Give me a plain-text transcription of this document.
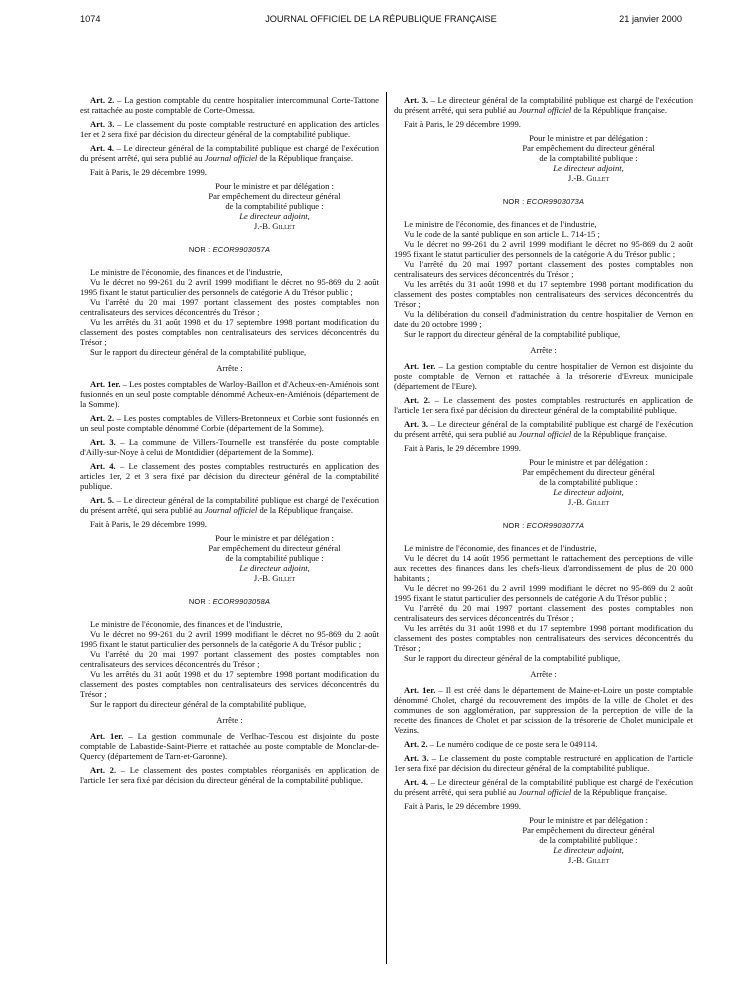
1074	JOURNAL OFFICIEL DE LA RÉPUBLIQUE FRANÇAISE	21 janvier 2000

Art. 2. – La gestion comptable du centre hospitalier intercommunal Corte-Tattone est rattachée au poste comptable de Corte-Omessa.

Art. 3. – Le classement du poste comptable restructuré en application des articles 1er et 2 sera fixé par décision du directeur général de la comptabilité publique.

Art. 4. – Le directeur général de la comptabilité publique est chargé de l'exécution du présent arrêté, qui sera publié au Journal officiel de la République française.

Fait à Paris, le 29 décembre 1999.

Pour le ministre et par délégation :
Par empêchement du directeur général
de la comptabilité publique :
Le directeur adjoint,
J.-B. Gillet
NOR : ECOR9903057A

Le ministre de l'économie, des finances et de l'industrie,

Vu le décret no 99-261 du 2 avril 1999 modifiant le décret no 95-869 du 2 août 1995 fixant le statut particulier des personnels de catégorie A du Trésor public ;

Vu l'arrêté du 20 mai 1997 portant classement des postes comptables non centralisateurs des services déconcentrés du Trésor ;

Vu les arrêtés du 31 août 1998 et du 17 septembre 1998 portant modification du classement des postes comptables non centralisateurs des services déconcentrés du Trésor ;

Sur le rapport du directeur général de la comptabilité publique,

Arrête :

Art. 1er. – Les postes comptables de Warloy-Baillon et d'Acheux-en-Amiénois sont fusionnés en un seul poste comptable dénommé Acheux-en-Amiénois (département de la Somme).

Art. 2. – Les postes comptables de Villers-Bretonneux et Corbie sont fusionnés en un seul poste comptable dénommé Corbie (département de la Somme).

Art. 3. – La commune de Villers-Tournelle est transférée du poste comptable d'Ailly-sur-Noye à celui de Montdidier (département de la Somme).

Art. 4. – Le classement des postes comptables restructurés en application des articles 1er, 2 et 3 sera fixé par décision du directeur général de la comptabilité publique.

Art. 5. – Le directeur général de la comptabilité publique est chargé de l'exécution du présent arrêté, qui sera publié au Journal officiel de la République française.

Fait à Paris, le 29 décembre 1999.

Pour le ministre et par délégation :
Par empêchement du directeur général
de la comptabilité publique :
Le directeur adjoint,
J.-B. Gillet
NOR : ECOR9903058A

Le ministre de l'économie, des finances et de l'industrie,

Vu le décret no 99-261 du 2 avril 1999 modifiant le décret no 95-869 du 2 août 1995 fixant le statut particulier des personnels de la catégorie A du Trésor public ;

Vu l'arrêté du 20 mai 1997 portant classement des postes comptables non centralisateurs des services déconcentrés du Trésor ;

Vu les arrêtés du 31 août 1998 et du 17 septembre 1998 portant modification du classement des postes comptables non centralisateurs des services déconcentrés du Trésor ;

Sur le rapport du directeur général de la comptabilité publique,

Arrête :

Art. 1er. – La gestion communale de Verlhac-Tescou est disjointe du poste comptable de Labastide-Saint-Pierre et rattachée au poste comptable de Monclar-de-Quercy (département de Tarn-et-Garonne).

Art. 2. – Le classement des postes comptables réorganisés en application de l'article 1er sera fixé par décision du directeur général de la comptabilité publique.

Art. 3. – Le directeur général de la comptabilité publique est chargé de l'exécution du présent arrêté, qui sera publié au Journal officiel de la République française.

Fait à Paris, le 29 décembre 1999.

Pour le ministre et par délégation :
Par empêchement du directeur général
de la comptabilité publique :
Le directeur adjoint,
J.-B. Gillet
NOR : ECOR9903073A

Le ministre de l'économie, des finances et de l'industrie,

Vu le code de la santé publique en son article L. 714-15 ;

Vu le décret no 99-261 du 2 avril 1999 modifiant le décret no 95-869 du 2 août 1995 fixant le statut particulier des personnels de la catégorie A du Trésor public ;

Vu l'arrêté du 20 mai 1997 portant classement des postes comptables non centralisateurs des services déconcentrés du Trésor ;

Vu les arrêtés du 31 août 1998 et du 17 septembre 1998 portant modification du classement des postes comptables non centralisateurs des services déconcentrés du Trésor ;

Vu la délibération du conseil d'administration du centre hospitalier de Vernon en date du 20 octobre 1999 ;

Sur le rapport du directeur général de la comptabilité publique,

Arrête :

Art. 1er. – La gestion comptable du centre hospitalier de Vernon est disjointe du poste comptable de Vernon et rattachée à la trésorerie d'Evreux municipale (département de l'Eure).

Art. 2. – Le classement des postes comptables restructurés en application de l'article 1er sera fixé par décision du directeur général de la comptabilité publique.

Art. 3. – Le directeur général de la comptabilité publique est chargé de l'exécution du présent arrêté, qui sera publié au Journal officiel de la République française.

Fait à Paris, le 29 décembre 1999.

Pour le ministre et par délégation :
Par empêchement du directeur général
de la comptabilité publique :
Le directeur adjoint,
J.-B. Gillet
NOR : ECOR9903077A

Le ministre de l'économie, des finances et de l'industrie,

Vu le décret du 14 août 1956 permettant le rattachement des perceptions de ville aux recettes des finances dans les chefs-lieux d'arrondissement de plus de 20 000 habitants ;

Vu le décret no 99-261 du 2 avril 1999 modifiant le décret no 95-869 du 2 août 1995 fixant le statut particulier des personnels de catégorie A du Trésor public ;

Vu l'arrêté du 20 mai 1997 portant classement des postes comptables non centralisateurs des services déconcentrés du Trésor ;

Vu les arrêtés du 31 août 1998 et du 17 septembre 1998 portant modification du classement des postes comptables non centralisateurs des services déconcentrés du Trésor ;

Sur le rapport du directeur général de la comptabilité publique,

Arrête :

Art. 1er. – Il est créé dans le département de Maine-et-Loire un poste comptable dénommé Cholet, chargé du recouvrement des impôts de la ville de Cholet et des communes de son agglomération, par suppression de la perception de ville de la recette des finances de Cholet et par scission de la trésorerie de Cholet municipale et Vezins.

Art. 2. – Le numéro codique de ce poste sera le 049114.

Art. 3. – Le classement du poste comptable restructuré en application de l'article 1er sera fixé par décision du directeur général de la comptabilité publique.

Art. 4. – Le directeur général de la comptabilité publique est chargé de l'exécution du présent arrêté, qui sera publié au Journal officiel de la République française.

Fait à Paris, le 29 décembre 1999.

Pour le ministre et par délégation :
Par empêchement du directeur général
de la comptabilité publique :
Le directeur adjoint,
J.-B. Gillet
